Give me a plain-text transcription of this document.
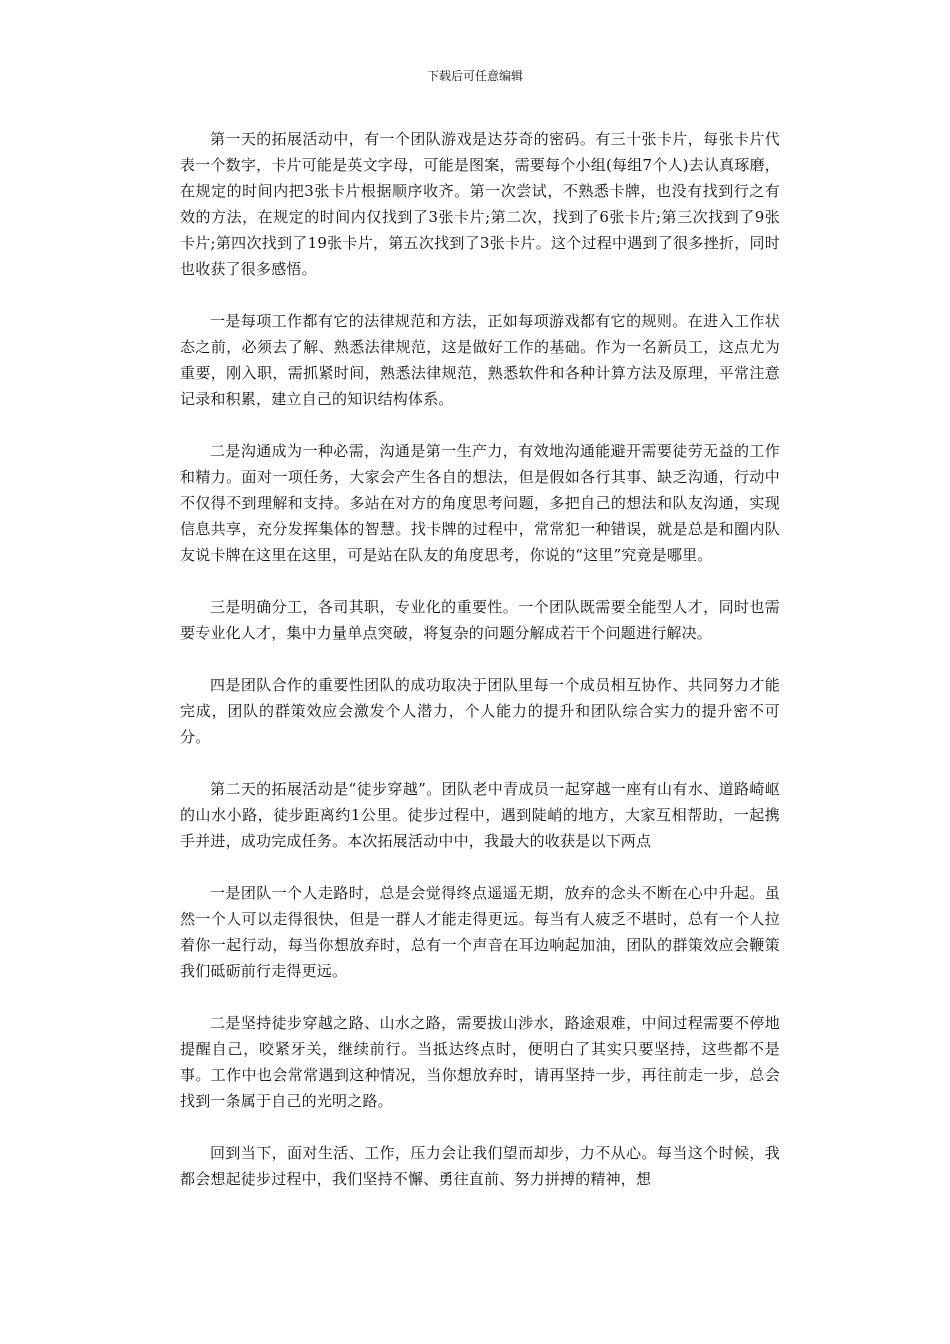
下载后可任意编辑

第一天的拓展活动中，有一个团队游戏是达芬奇的密码。有三十张卡片，每张卡片代表一个数字，卡片可能是英文字母，可能是图案，需要每个小组(每组7个人)去认真琢磨，在规定的时间内把3张卡片根据顺序收齐。第一次尝试，不熟悉卡牌，也没有找到行之有效的方法，在规定的时间内仅找到了3张卡片;第二次，找到了6张卡片;第三次找到了9张卡片;第四次找到了19张卡片，第五次找到了3张卡片。这个过程中遇到了很多挫折，同时也收获了很多感悟。

一是每项工作都有它的法律规范和方法，正如每项游戏都有它的规则。在进入工作状态之前，必须去了解、熟悉法律规范，这是做好工作的基础。作为一名新员工，这点尤为重要，刚入职，需抓紧时间，熟悉法律规范，熟悉软件和各种计算方法及原理，平常注意记录和积累，建立自己的知识结构体系。

二是沟通成为一种必需，沟通是第一生产力，有效地沟通能避开需要徒劳无益的工作和精力。面对一项任务，大家会产生各自的想法，但是假如各行其事、缺乏沟通，行动中不仅得不到理解和支持。多站在对方的角度思考问题，多把自己的想法和队友沟通，实现信息共享，充分发挥集体的智慧。找卡牌的过程中，常常犯一种错误，就是总是和圈内队友说卡牌在这里在这里，可是站在队友的角度思考，你说的“这里”究竟是哪里。

三是明确分工，各司其职，专业化的重要性。一个团队既需要全能型人才，同时也需要专业化人才，集中力量单点突破，将复杂的问题分解成若干个问题进行解决。

四是团队合作的重要性团队的成功取决于团队里每一个成员相互协作、共同努力才能完成，团队的群策效应会激发个人潜力，个人能力的提升和团队综合实力的提升密不可分。

第二天的拓展活动是“徒步穿越”。团队老中青成员一起穿越一座有山有水、道路崎岖的山水小路，徒步距离约1公里。徒步过程中，遇到陡峭的地方，大家互相帮助，一起携手并进，成功完成任务。本次拓展活动中中，我最大的收获是以下两点

一是团队一个人走路时，总是会觉得终点遥遥无期，放弃的念头不断在心中升起。虽然一个人可以走得很快，但是一群人才能走得更远。每当有人疲乏不堪时，总有一个人拉着你一起行动，每当你想放弃时，总有一个声音在耳边响起加油，团队的群策效应会鞭策我们砥砺前行走得更远。

二是坚持徒步穿越之路、山水之路，需要拔山涉水，路途艰难，中间过程需要不停地提醒自己，咬紧牙关，继续前行。当抵达终点时，便明白了其实只要坚持，这些都不是事。工作中也会常常遇到这种情况，当你想放弃时，请再坚持一步，再往前走一步，总会找到一条属于自己的光明之路。

回到当下，面对生活、工作，压力会让我们望而却步，力不从心。每当这个时候，我都会想起徒步过程中，我们坚持不懈、勇往直前、努力拼搏的精神，想
